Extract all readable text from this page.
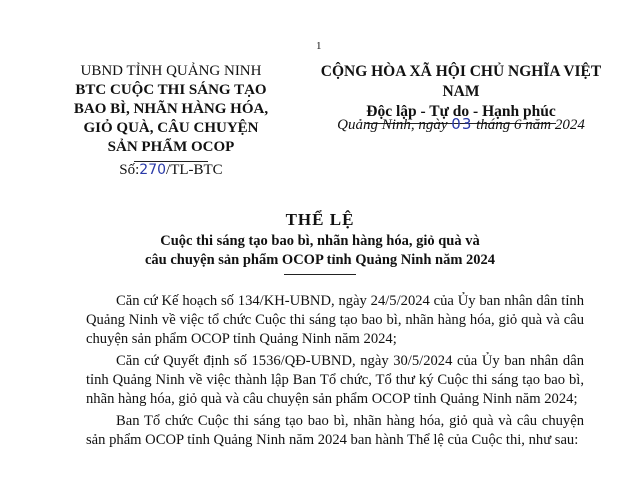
1
UBND TỈNH QUẢNG NINH
BTC CUỘC THI SÁNG TẠO
BAO BÌ, NHÃN HÀNG HÓA,
GIỎ QUÀ, CÂU CHUYỆN
SẢN PHẨM OCOP
CỘNG HÒA XÃ HỘI CHỦ NGHĨA VIỆT NAM
Độc lập - Tự do - Hạnh phúc
Quảng Ninh, ngày 03 tháng 6 năm 2024
Số:270/TL-BTC
THỂ LỆ
Cuộc thi sáng tạo bao bì, nhãn hàng hóa, giỏ quà và
câu chuyện sản phẩm OCOP tỉnh Quảng Ninh năm 2024

Căn cứ Kế hoạch số 134/KH-UBND, ngày 24/5/2024 của Ủy ban nhân dân tỉnh Quảng Ninh về việc tổ chức Cuộc thi sáng tạo bao bì, nhãn hàng hóa, giỏ quà và câu chuyện sản phẩm OCOP tỉnh Quảng Ninh năm 2024;

Căn cứ Quyết định số 1536/QĐ-UBND, ngày 30/5/2024 của Ủy ban nhân dân tỉnh Quảng Ninh về việc thành lập Ban Tổ chức, Tổ thư ký Cuộc thi sáng tạo bao bì, nhãn hàng hóa, giỏ quà và câu chuyện sản phẩm OCOP tỉnh Quảng Ninh năm 2024;

Ban Tổ chức Cuộc thi sáng tạo bao bì, nhãn hàng hóa, giỏ quà và câu chuyện sản phẩm OCOP tỉnh Quảng Ninh năm 2024 ban hành Thể lệ của Cuộc thi, như sau:
